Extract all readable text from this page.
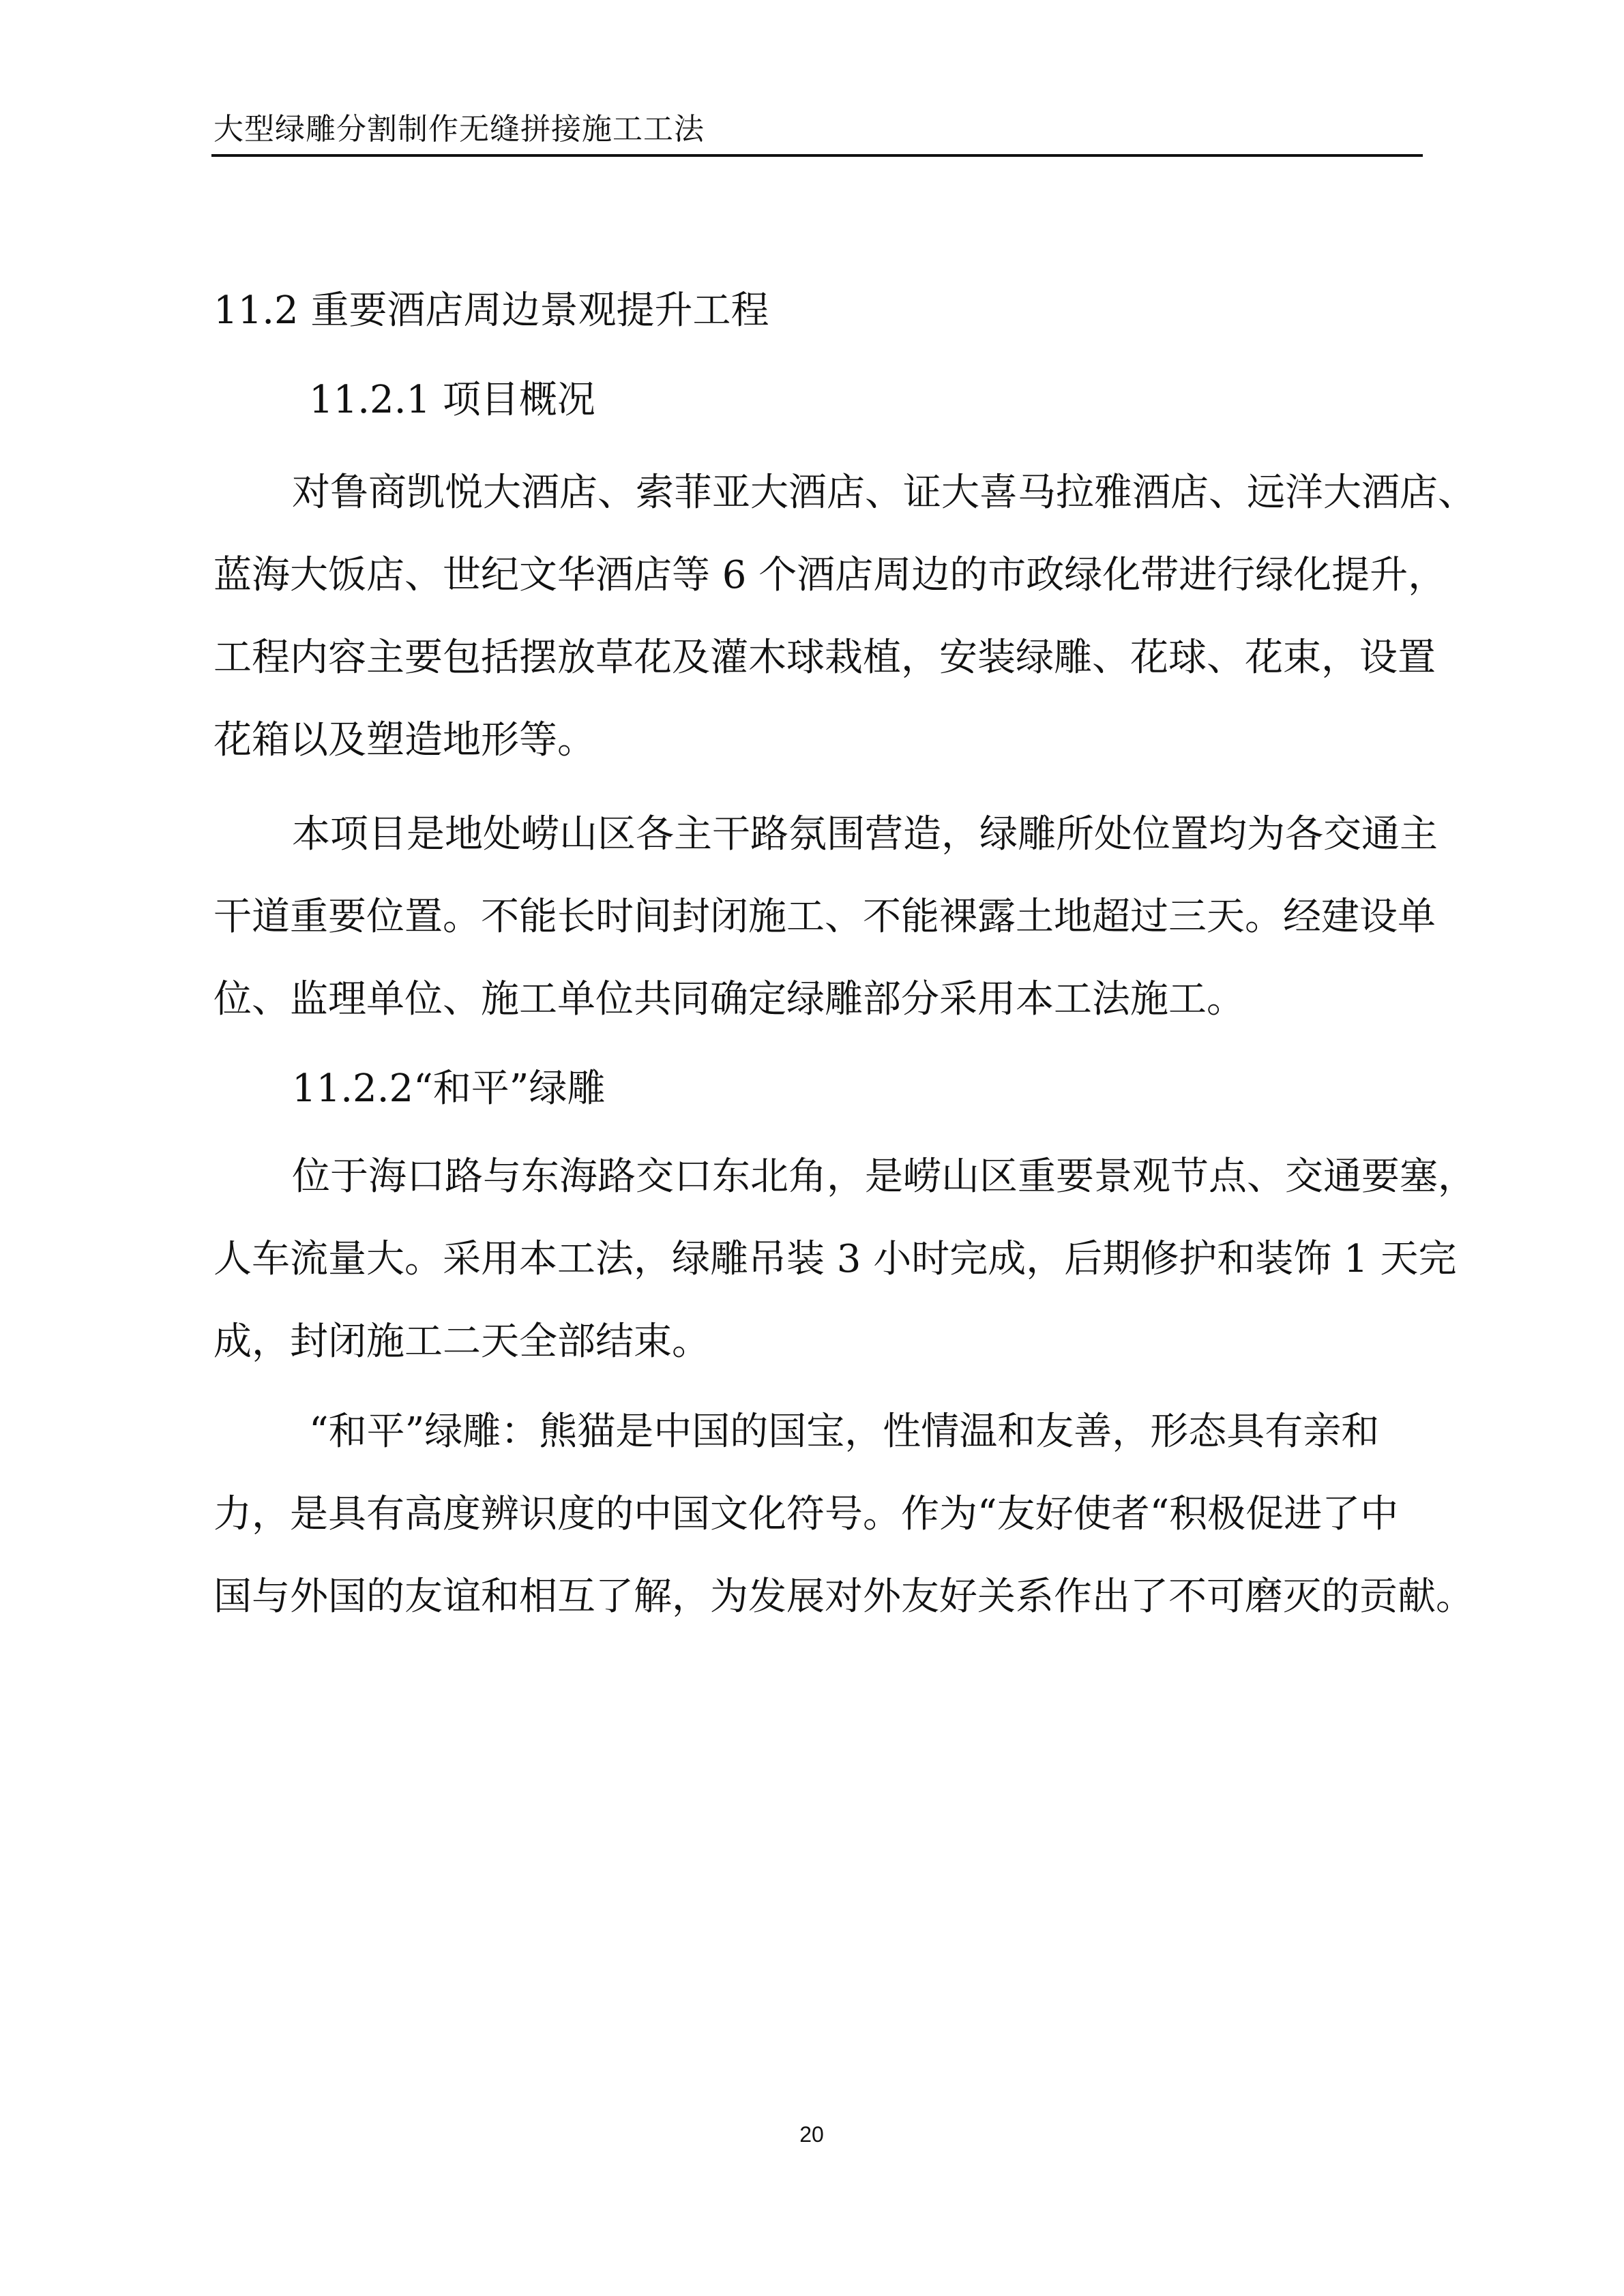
大型绿雕分割制作无缝拼接施工工法
11.2 重要酒店周边景观提升工程
11.2.1 项目概况
对鲁商凯悦大酒店、索菲亚大酒店、证大喜马拉雅酒店、远洋大酒店、
蓝海大饭店、世纪文华酒店等 6 个酒店周边的市政绿化带进行绿化提升，
工程内容主要包括摆放草花及灌木球栽植，安装绿雕、花球、花束，设置
花箱以及塑造地形等。
本项目是地处崂山区各主干路氛围营造，绿雕所处位置均为各交通主
干道重要位置。不能长时间封闭施工、不能裸露土地超过三天。经建设单
位、监理单位、施工单位共同确定绿雕部分采用本工法施工。
11.2.2“和平”绿雕
位于海口路与东海路交口东北角，是崂山区重要景观节点、交通要塞，
人车流量大。采用本工法，绿雕吊装 3 小时完成，后期修护和装饰 1 天完
成，封闭施工二天全部结束。
“和平”绿雕：熊猫是中国的国宝，性情温和友善，形态具有亲和
力，是具有高度辨识度的中国文化符号。作为“友好使者“积极促进了中
国与外国的友谊和相互了解，为发展对外友好关系作出了不可磨灭的贡献。
20
